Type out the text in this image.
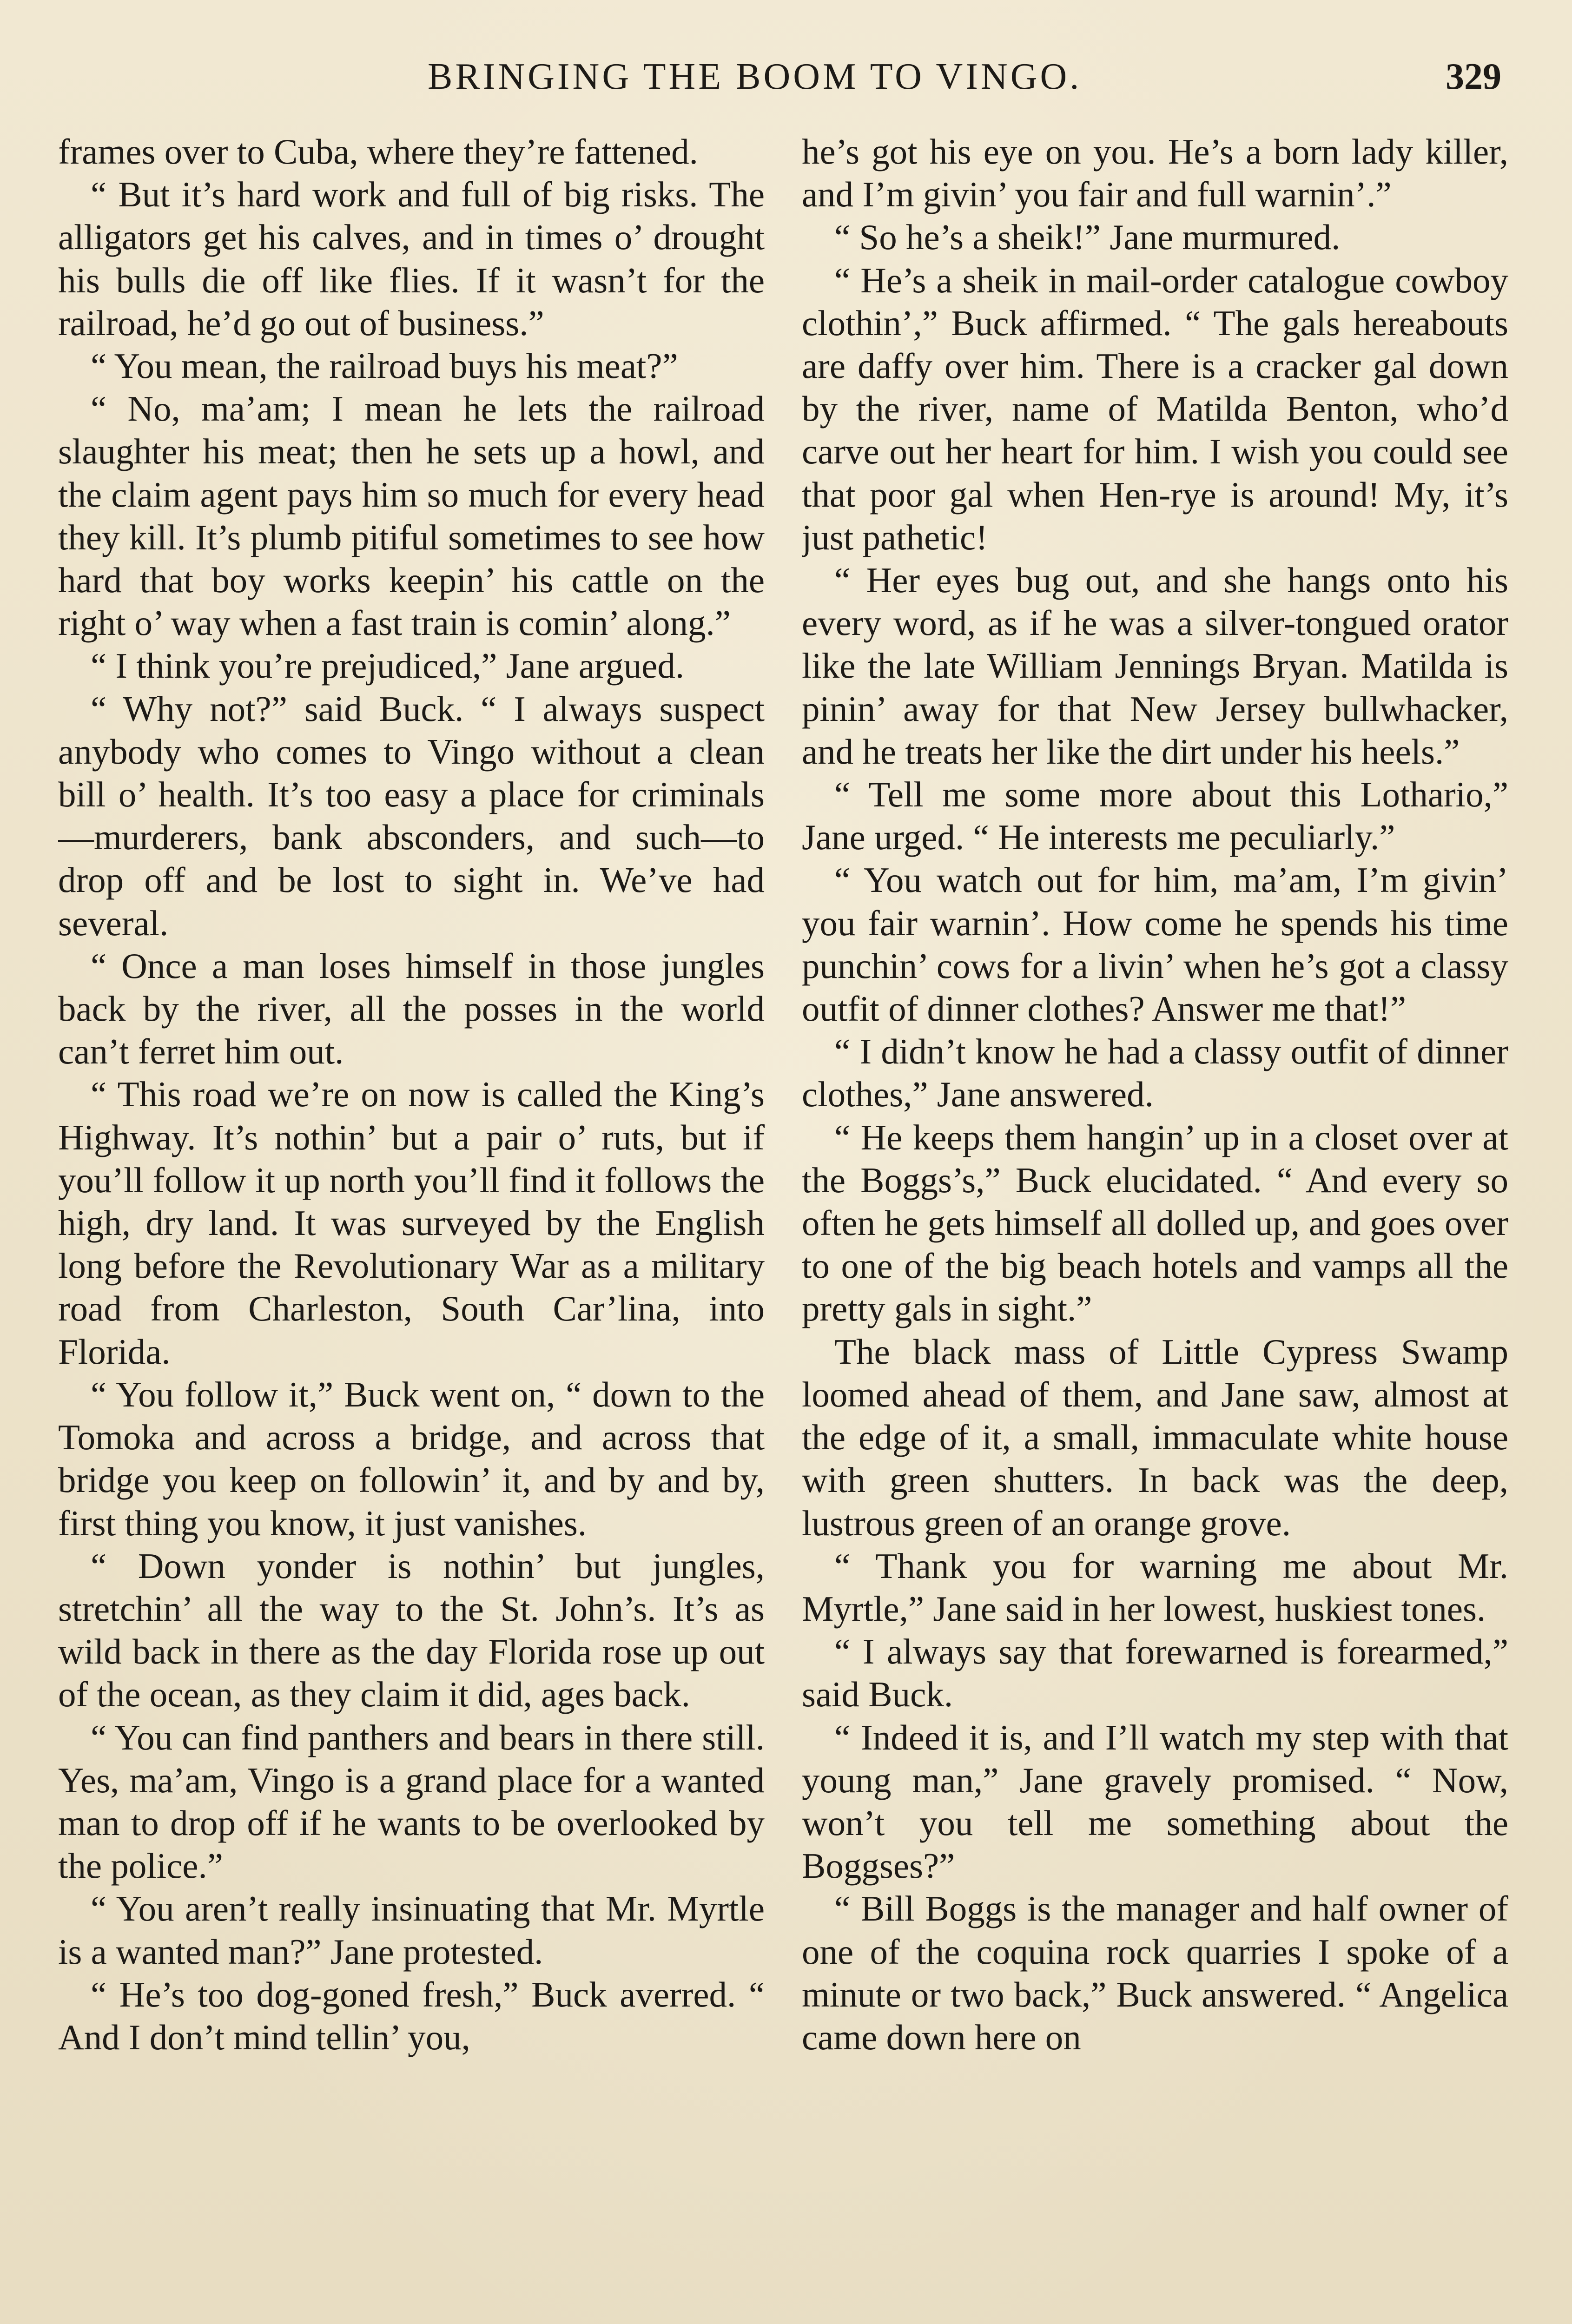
BRINGING THE BOOM TO VINGO.	329

frames over to Cuba, where they’re fattened.

“ But it’s hard work and full of big risks. The alligators get his calves, and in times o’ drought his bulls die off like flies. If it wasn’t for the railroad, he’d go out of business.”

“ You mean, the railroad buys his meat?”

“ No, ma’am; I mean he lets the railroad slaughter his meat; then he sets up a howl, and the claim agent pays him so much for every head they kill. It’s plumb pitiful sometimes to see how hard that boy works keepin’ his cattle on the right o’ way when a fast train is comin’ along.”

“ I think you’re prejudiced,” Jane argued.

“ Why not?” said Buck. “ I always suspect anybody who comes to Vingo without a clean bill o’ health. It’s too easy a place for criminals—murderers, bank absconders, and such—to drop off and be lost to sight in. We’ve had several.

“ Once a man loses himself in those jungles back by the river, all the posses in the world can’t ferret him out.

“ This road we’re on now is called the King’s Highway. It’s nothin’ but a pair o’ ruts, but if you’ll follow it up north you’ll find it follows the high, dry land. It was surveyed by the English long before the Revolutionary War as a military road from Charleston, South Car’lina, into Florida.

“ You follow it,” Buck went on, “ down to the Tomoka and across a bridge, and across that bridge you keep on followin’ it, and by and by, first thing you know, it just vanishes.

“ Down yonder is nothin’ but jungles, stretchin’ all the way to the St. John’s. It’s as wild back in there as the day Florida rose up out of the ocean, as they claim it did, ages back.

“ You can find panthers and bears in there still. Yes, ma’am, Vingo is a grand place for a wanted man to drop off if he wants to be overlooked by the police.”

“ You aren’t really insinuating that Mr. Myrtle is a wanted man?” Jane protested.

“ He’s too dog-goned fresh,” Buck averred. “ And I don’t mind tellin’ you,

he’s got his eye on you. He’s a born lady killer, and I’m givin’ you fair and full warnin’.”

“ So he’s a sheik!” Jane murmured.

“ He’s a sheik in mail-order catalogue cowboy clothin’,” Buck affirmed. “ The gals hereabouts are daffy over him. There is a cracker gal down by the river, name of Matilda Benton, who’d carve out her heart for him. I wish you could see that poor gal when Hen-rye is around! My, it’s just pathetic!

“ Her eyes bug out, and she hangs onto his every word, as if he was a silver-tongued orator like the late William Jennings Bryan. Matilda is pinin’ away for that New Jersey bullwhacker, and he treats her like the dirt under his heels.”

“ Tell me some more about this Lothario,” Jane urged. “ He interests me peculiarly.”

“ You watch out for him, ma’am, I’m givin’ you fair warnin’. How come he spends his time punchin’ cows for a livin’ when he’s got a classy outfit of dinner clothes? Answer me that!”

“ I didn’t know he had a classy outfit of dinner clothes,” Jane answered.

“ He keeps them hangin’ up in a closet over at the Boggs’s,” Buck elucidated. “ And every so often he gets himself all dolled up, and goes over to one of the big beach hotels and vamps all the pretty gals in sight.”

The black mass of Little Cypress Swamp loomed ahead of them, and Jane saw, almost at the edge of it, a small, immaculate white house with green shutters. In back was the deep, lustrous green of an orange grove.

“ Thank you for warning me about Mr. Myrtle,” Jane said in her lowest, huskiest tones.

“ I always say that forewarned is forearmed,” said Buck.

“ Indeed it is, and I’ll watch my step with that young man,” Jane gravely promised. “ Now, won’t you tell me something about the Boggses?”

“ Bill Boggs is the manager and half owner of one of the coquina rock quarries I spoke of a minute or two back,” Buck answered. “ Angelica came down here on
